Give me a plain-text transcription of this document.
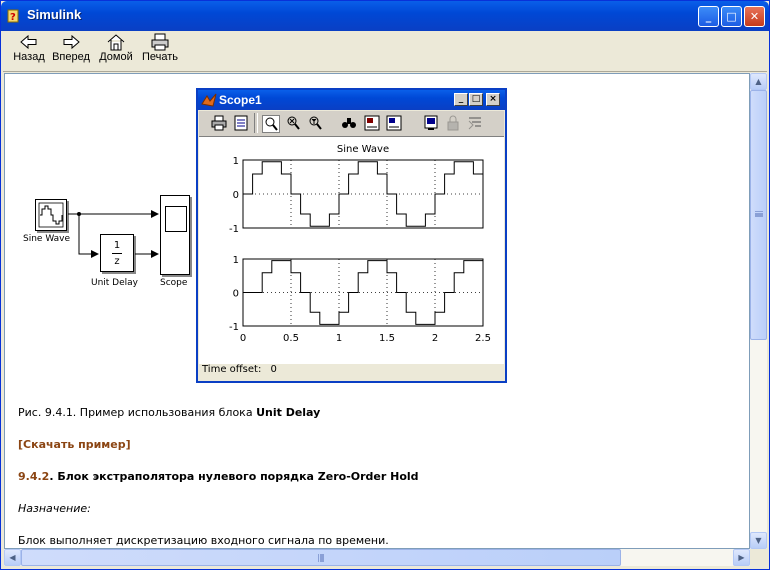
? Simulink	_	□	✕
Назад Вперед Домой Печать
Sine Wave
1
z
Unit Delay Scope
Scope1	_ □ ×
Sine Wave
1
0
-1
1
0
-1
0	0.5	1	1.5	2	2.5
Time offset: 0
Рис. 9.4.1. Пример использования блока Unit Delay
[Скачать пример]
9.4.2. Блок экстраполятора нулевого порядка Zero-Order Hold
Назначение:
Блок выполняет дискретизацию входного сигнала по времени.
▲
▼
◀	▶
